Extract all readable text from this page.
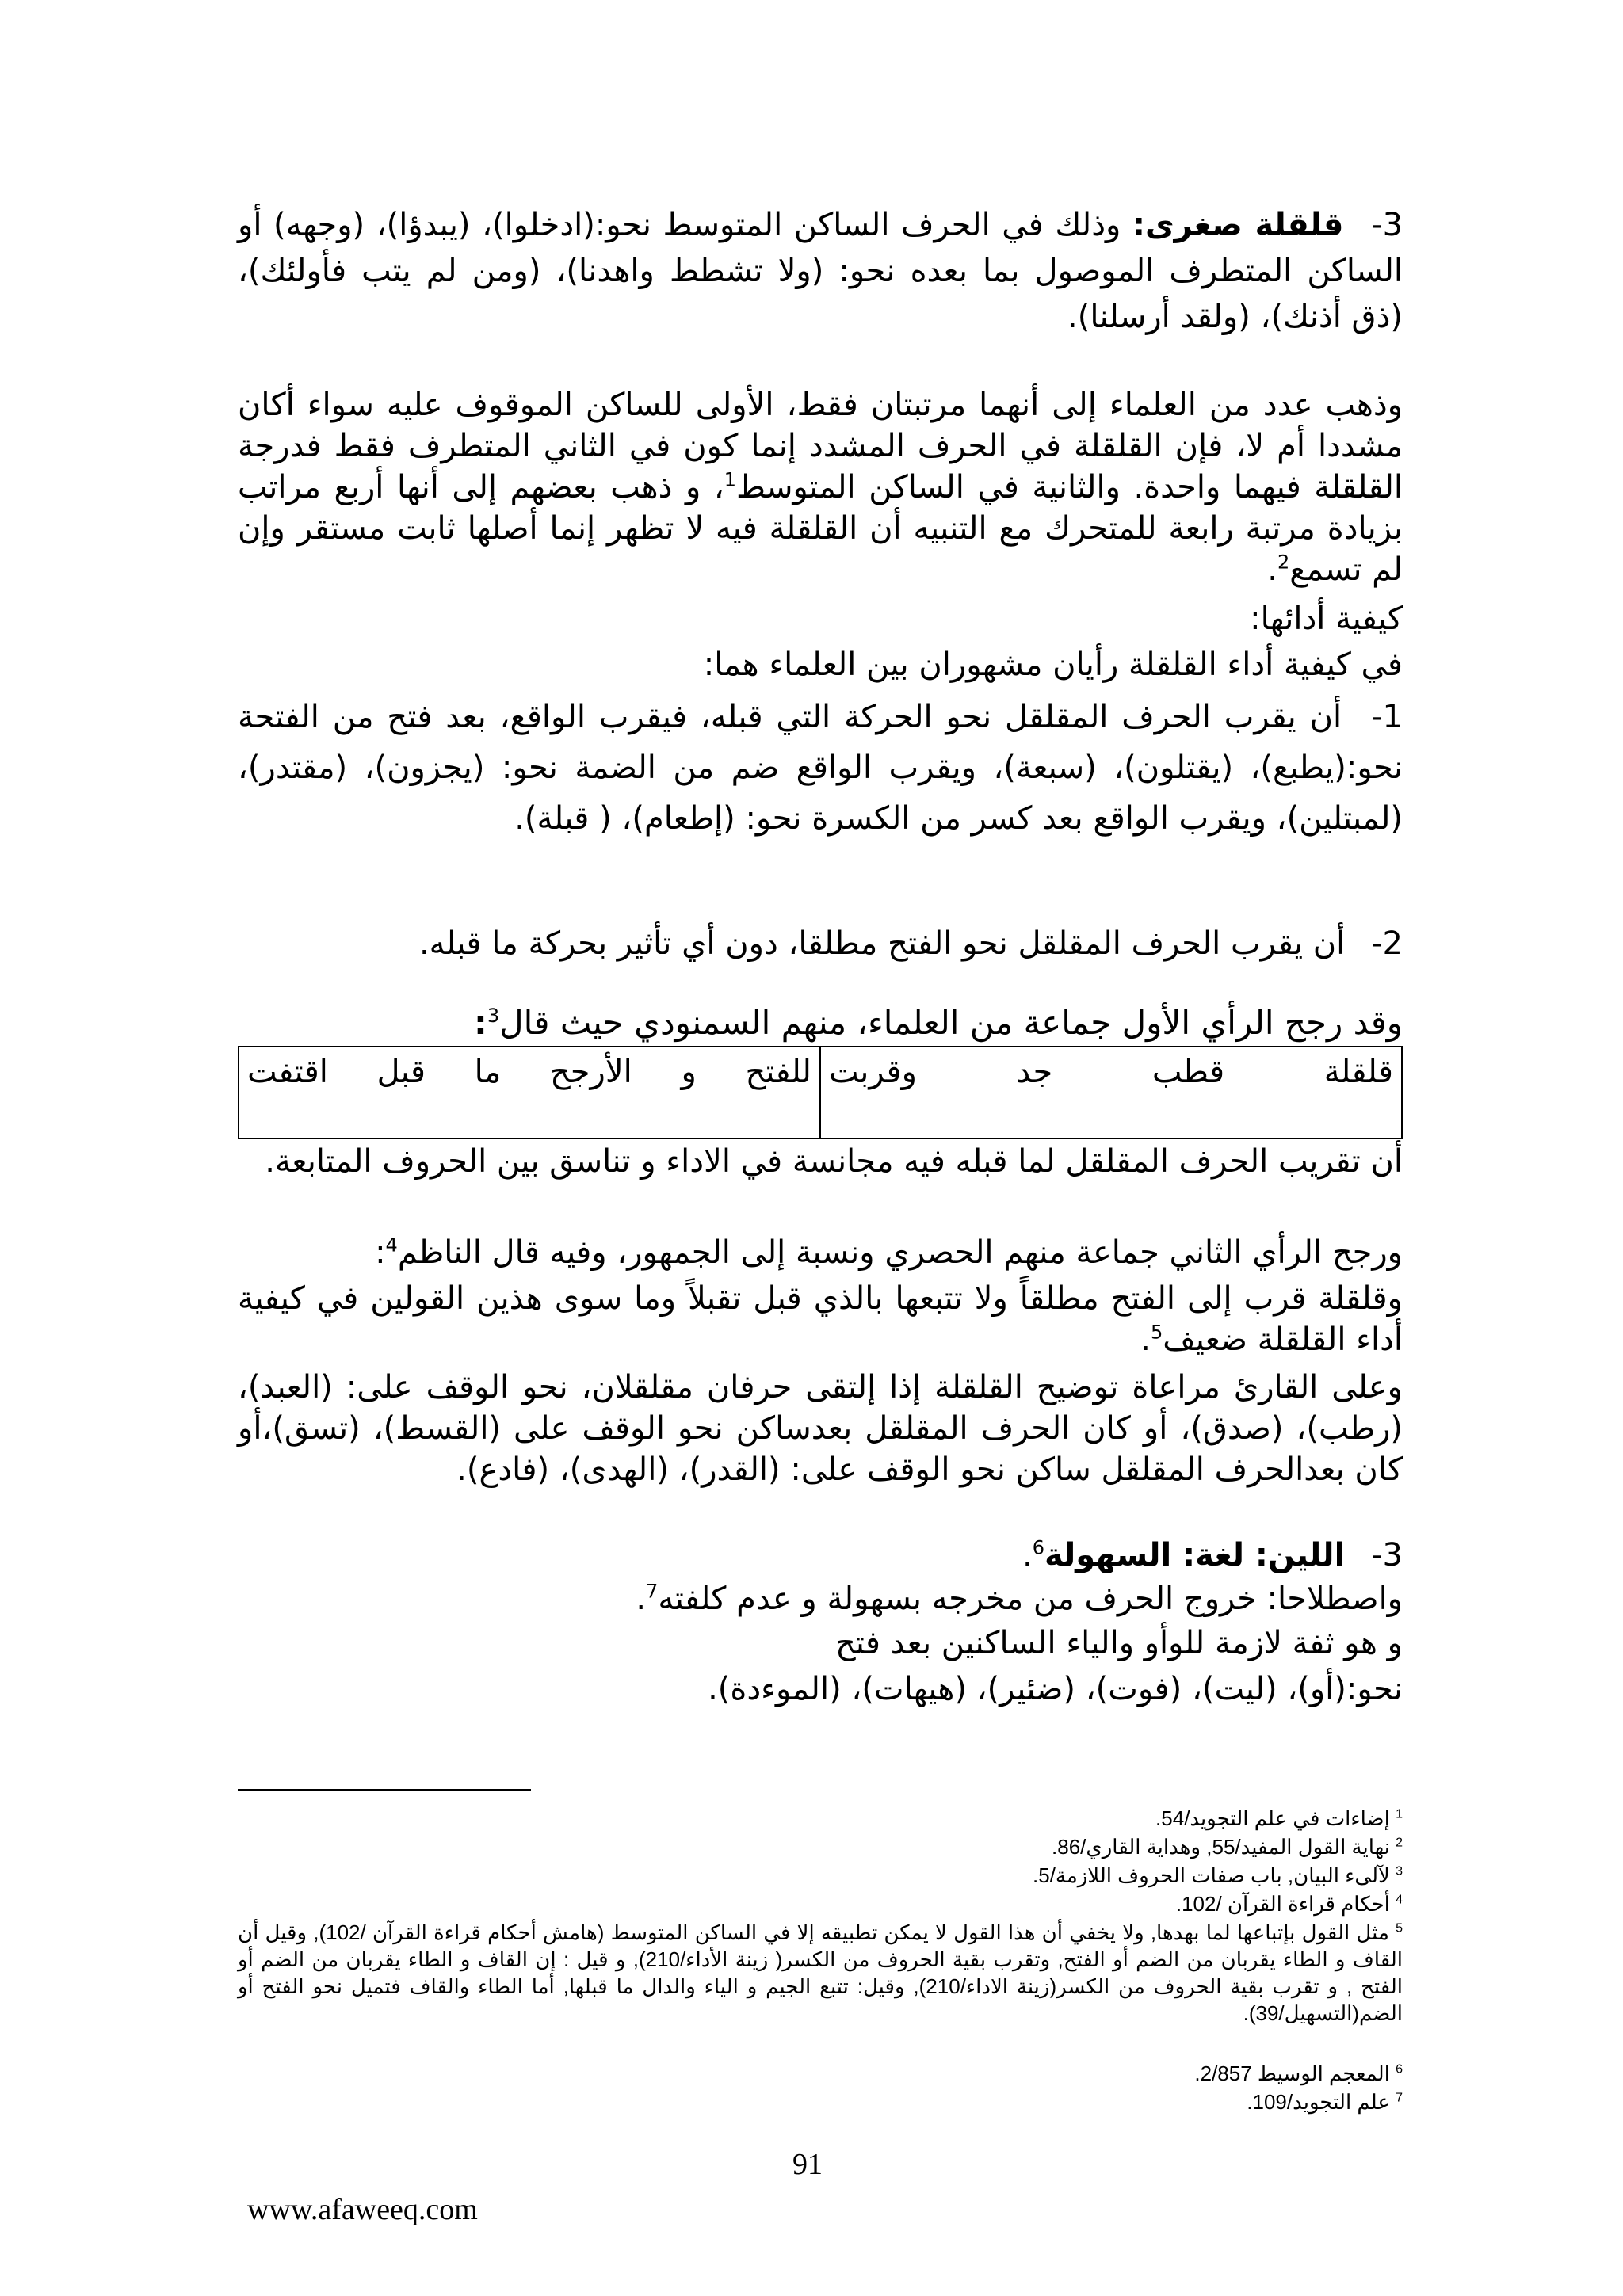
3- قلقلة صغرى: وذلك في الحرف الساكن المتوسط نحو:(ادخلوا)، (يبدؤا)، (وجهه) أو الساكن المتطرف الموصول بما بعده نحو: (ولا تشطط واهدنا)، (ومن لم يتب فأولئك)، (ذق أذنك)، (ولقد أرسلنا).

وذهب عدد من العلماء إلى أنهما مرتبتان فقط، الأولى للساكن الموقوف عليه سواء أكان مشددا أم لا، فإن القلقلة في الحرف المشدد إنما كون في الثاني المتطرف فقط فدرجة القلقلة فيهما واحدة. والثانية في الساكن المتوسط$^1$، و ذهب بعضهم إلى أنها أربع مراتب بزيادة مرتبة رابعة للمتحرك مع التنبيه أن القلقلة فيه لا تظهر إنما أصلها ثابت مستقر وإن لم تسمع$^2$.

كيفية أدائها:

في كيفية أداء القلقلة رأيان مشهوران بين العلماء هما:

1- أن يقرب الحرف المقلقل نحو الحركة التي قبله، فيقرب الواقع، بعد فتح من الفتحة نحو:(يطبع)، (يقتلون)، (سبعة)، ويقرب الواقع ضم من الضمة نحو: (يجزون)، (مقتدر)، (لمبتلين)، ويقرب الواقع بعد كسر من الكسرة نحو: (إطعام)، ( قبلة).

2- أن يقرب الحرف المقلقل نحو الفتح مطلقا، دون أي تأثير بحركة ما قبله.

وقد رجح الرأي الأول جماعة من العلماء، منهم السمنودي حيث قال$^3$:

قلقلة قطب جد وقربت	للفتح و الأرجح ما قبل اقتفت

أن تقريب الحرف المقلقل لما قبله فيه مجانسة في الاداء و تناسق بين الحروف المتابعة.

ورجح الرأي الثاني جماعة منهم الحصري ونسبة إلى الجمهور، وفيه قال الناظم$^4$:

وقلقلة قرب إلى الفتح مطلقاً ولا تتبعها بالذي قبل تقبلاً وما سوى هذين القولين في كيفية أداء القلقلة ضعيف$^5$.

وعلى القارئ مراعاة توضيح القلقلة إذا إلتقى حرفان مقلقلان، نحو الوقف على: (العبد)، (رطب)، (صدق)، أو كان الحرف المقلقل بعدساكن نحو الوقف على (القسط)، (تسق)،أو كان بعدالحرف المقلقل ساكن نحو الوقف على: (القدر)، (الهدى)، (فادع).

3- اللين: لغة: السهولة$^6$.

واصطلاحا: خروج الحرف من مخرجه بسهولة و عدم كلفته$^7$.

و هو ثفة لازمة للوأو والياء الساكنين بعد فتح

نحو:(أو)، (ليت)، (فوت)، (ضئير)، (هيهات)، (الموءدة).

$^1$ إضاءات في علم التجويد/54.

$^2$ نهاية القول المفيد/55, وهداية القاري/86.

$^3$ لآلىء البيان, باب صفات الحروف اللازمة/5.

$^4$ أحكام قراءة القرآن /102.

$^5$ مثل القول بإتباعها لما بهدها, ولا يخفي أن هذا القول لا يمكن تطبيقه إلا في الساكن المتوسط (هامش أحكام قراءة القرآن /102), وقيل أن القاف و الطاء يقربان من الضم أو الفتح, وتقرب بقية الحروف من الكسر( زينة الأداء/210), و قيل : إن القاف و الطاء يقربان من الضم أو الفتح , و تقرب بقية الحروف من الكسر(زينة الاداء/210), وقيل: تتبع الجيم و الياء والدال ما قبلها, أما الطاء والقاف فتميل نحو الفتح أو الضم(التسهيل/39).

$^6$ المعجم الوسيط 2/857.

$^7$ علم التجويد/109.

91
www.afaweeq.com
